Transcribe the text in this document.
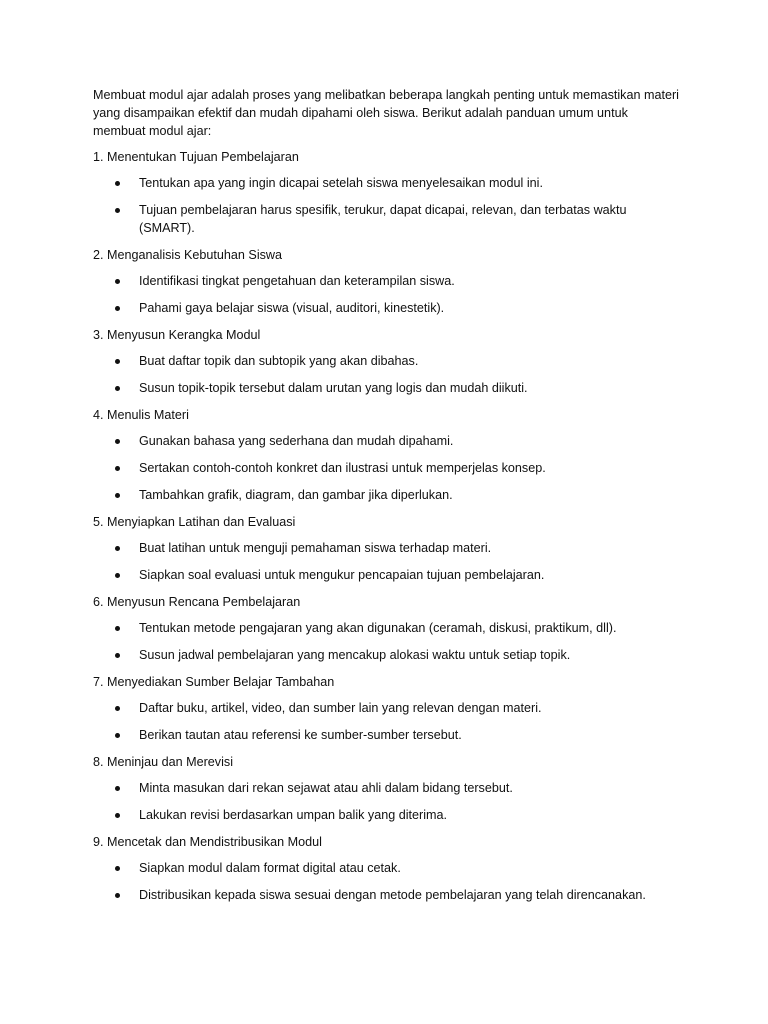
Membuat modul ajar adalah proses yang melibatkan beberapa langkah penting untuk memastikan materi yang disampaikan efektif dan mudah dipahami oleh siswa. Berikut adalah panduan umum untuk membuat modul ajar:

1. Menentukan Tujuan Pembelajaran

Tentukan apa yang ingin dicapai setelah siswa menyelesaikan modul ini.
Tujuan pembelajaran harus spesifik, terukur, dapat dicapai, relevan, dan terbatas waktu (SMART).

2. Menganalisis Kebutuhan Siswa

Identifikasi tingkat pengetahuan dan keterampilan siswa.
Pahami gaya belajar siswa (visual, auditori, kinestetik).

3. Menyusun Kerangka Modul

Buat daftar topik dan subtopik yang akan dibahas.
Susun topik-topik tersebut dalam urutan yang logis dan mudah diikuti.

4. Menulis Materi

Gunakan bahasa yang sederhana dan mudah dipahami.
Sertakan contoh-contoh konkret dan ilustrasi untuk memperjelas konsep.
Tambahkan grafik, diagram, dan gambar jika diperlukan.

5. Menyiapkan Latihan dan Evaluasi

Buat latihan untuk menguji pemahaman siswa terhadap materi.
Siapkan soal evaluasi untuk mengukur pencapaian tujuan pembelajaran.

6. Menyusun Rencana Pembelajaran

Tentukan metode pengajaran yang akan digunakan (ceramah, diskusi, praktikum, dll).
Susun jadwal pembelajaran yang mencakup alokasi waktu untuk setiap topik.

7. Menyediakan Sumber Belajar Tambahan

Daftar buku, artikel, video, dan sumber lain yang relevan dengan materi.
Berikan tautan atau referensi ke sumber-sumber tersebut.

8. Meninjau dan Merevisi

Minta masukan dari rekan sejawat atau ahli dalam bidang tersebut.
Lakukan revisi berdasarkan umpan balik yang diterima.

9. Mencetak dan Mendistribusikan Modul

Siapkan modul dalam format digital atau cetak.
Distribusikan kepada siswa sesuai dengan metode pembelajaran yang telah direncanakan.
